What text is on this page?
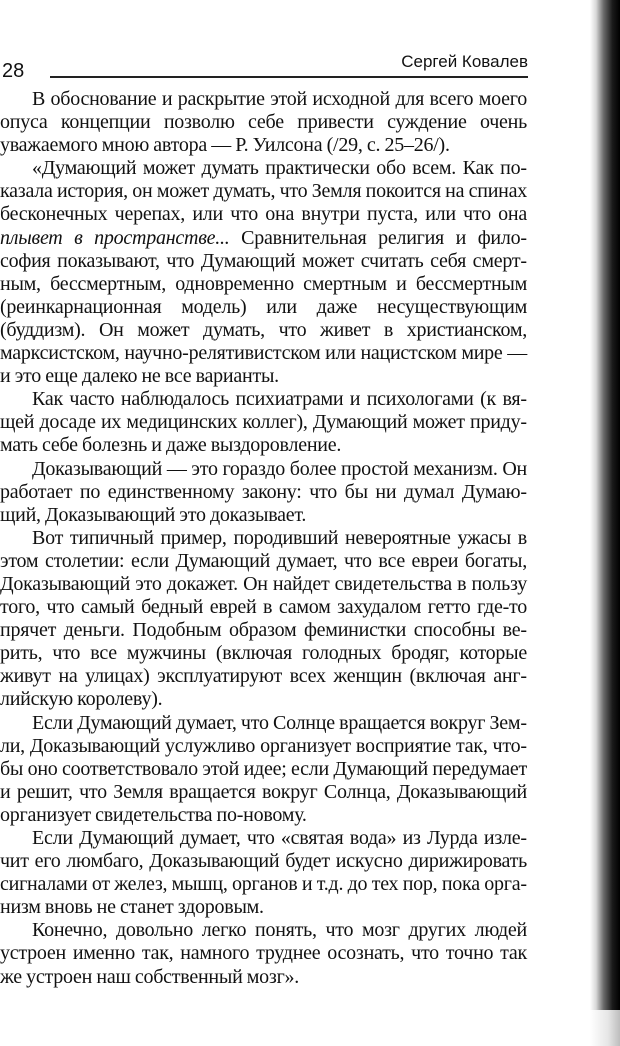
28	Сергей Ковалев

В обоснование и раскрытие этой исходной для всего моего опуса концепции позволю себе привести суждение очень уважаемого мною автора — Р. Уилсона (/29, с. 25–26/).

«Думающий может думать практически обо всем. Как показала история, он может думать, что Земля покоится на спинах бесконечных черепах, или что она внутри пуста, или что она плывет в пространстве... Сравнительная религия и философия показывают, что Думающий может считать себя смертным, бессмертным, одновременно смертным и бессмертным (реинкарнационная модель) или даже несуществующим (буддизм). Он может думать, что живет в христианском, марксистском, научно-релятивистском или нацистском мире — и это еще далеко не все варианты.

Как часто наблюдалось психиатрами и психологами (к вящей досаде их медицинских коллег), Думающий может придумать себе болезнь и даже выздоровление.

Доказывающий — это гораздо более простой механизм. Он работает по единственному закону: что бы ни думал Думающий, Доказывающий это доказывает.

Вот типичный пример, породивший невероятные ужасы в этом столетии: если Думающий думает, что все евреи богаты, Доказывающий это докажет. Он найдет свидетельства в пользу того, что самый бедный еврей в самом захудалом гетто где-то прячет деньги. Подобным образом феминистки способны верить, что все мужчины (включая голодных бродяг, которые живут на улицах) эксплуатируют всех женщин (включая английскую королеву).

Если Думающий думает, что Солнце вращается вокруг Земли, Доказывающий услужливо организует восприятие так, чтобы оно соответствовало этой идее; если Думающий передумает и решит, что Земля вращается вокруг Солнца, Доказывающий организует свидетельства по-новому.

Если Думающий думает, что «святая вода» из Лурда излечит его люмбаго, Доказывающий будет искусно дирижировать сигналами от желез, мышц, органов и т.д. до тех пор, пока организм вновь не станет здоровым.

Конечно, довольно легко понять, что мозг других людей устроен именно так, намного труднее осознать, что точно так же устроен наш собственный мозг».
